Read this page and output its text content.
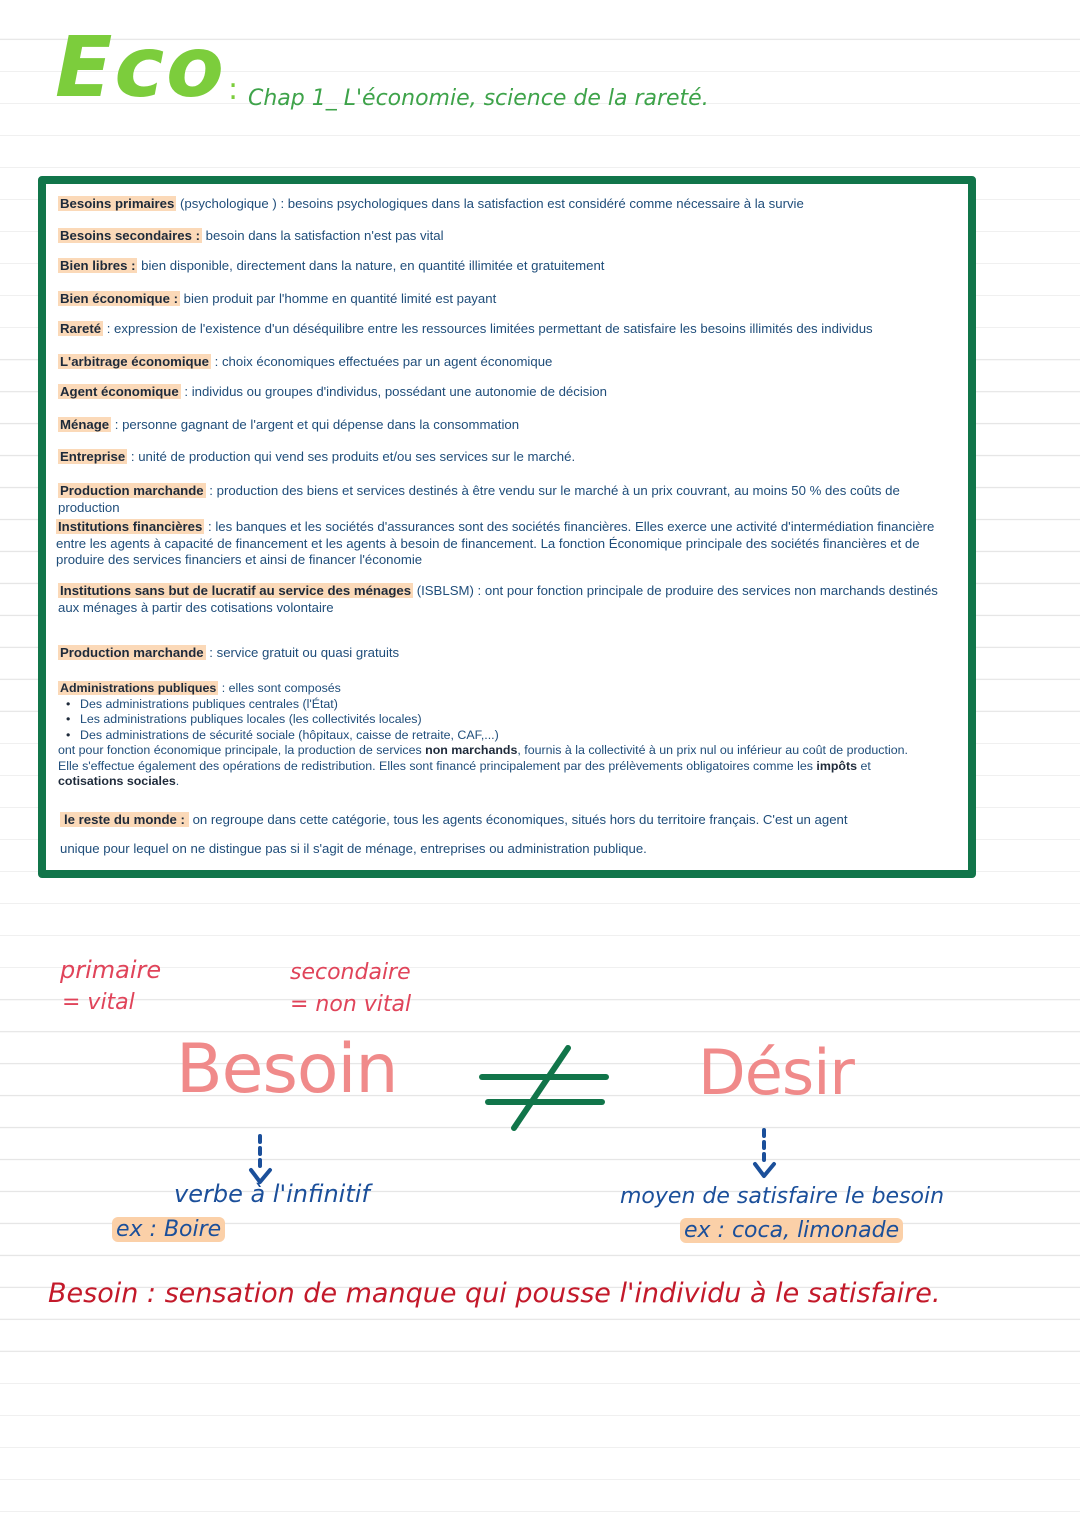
Eco : Chap 1_ L'économie, science de la rareté.
Besoins primaires (psychologique ) : besoins psychologiques dans la satisfaction est considéré comme nécessaire à la survie
Besoins secondaires : besoin dans la satisfaction n'est pas vital
Bien libres : bien disponible, directement dans la nature, en quantité illimitée et gratuitement
Bien économique : bien produit par l'homme en quantité limité est payant
Rareté : expression de l'existence d'un déséquilibre entre les ressources limitées permettant de satisfaire les besoins illimités des individus
L'arbitrage économique : choix économiques effectuées par un agent économique
Agent économique : individus ou groupes d'individus, possédant une autonomie de décision
Ménage : personne gagnant de l'argent et qui dépense dans la consommation
Entreprise : unité de production qui vend ses produits et/ou ses services sur le marché.
Production marchande : production des biens et services destinés à être vendu sur le marché à un prix couvrant, au moins 50 % des coûts de production
Institutions financières : les banques et les sociétés d'assurances sont des sociétés financières. Elles exerce une activité d'intermédiation financière entre les agents à capacité de financement et les agents à besoin de financement. La fonction Économique principale des sociétés financières et de produire des services financiers et ainsi de financer l'économie
Institutions sans but de lucratif au service des ménages (ISBLSM) : ont pour fonction principale de produire des services non marchands destinés aux ménages à partir des cotisations volontaire
Production marchande : service gratuit ou quasi gratuits
Administrations publiques : elles sont composés
• Des administrations publiques centrales (l'État)
• Les administrations publiques locales (les collectivités locales)
• Des administrations de sécurité sociale (hôpitaux, caisse de retraite, CAF,...)
ont pour fonction économique principale, la production de services non marchands, fournis à la collectivité à un prix nul ou inférieur au coût de production.
Elle s'effectue également des opérations de redistribution. Elles sont financé principalement par des prélèvements obligatoires comme les impôts et
cotisations sociales.
le reste du monde : on regroupe dans cette catégorie, tous les agents économiques, situés hors du territoire français. C'est un agent
unique pour lequel on ne distingue pas si il s'agit de ménage, entreprises ou administration publique.
primaire
= vital
secondaire
= non vital
Besoin	Désir
verbe à l'infinitif
ex : Boire
moyen de satisfaire le besoin
ex : coca, limonade
Besoin : sensation de manque qui pousse l'individu à le satisfaire.
